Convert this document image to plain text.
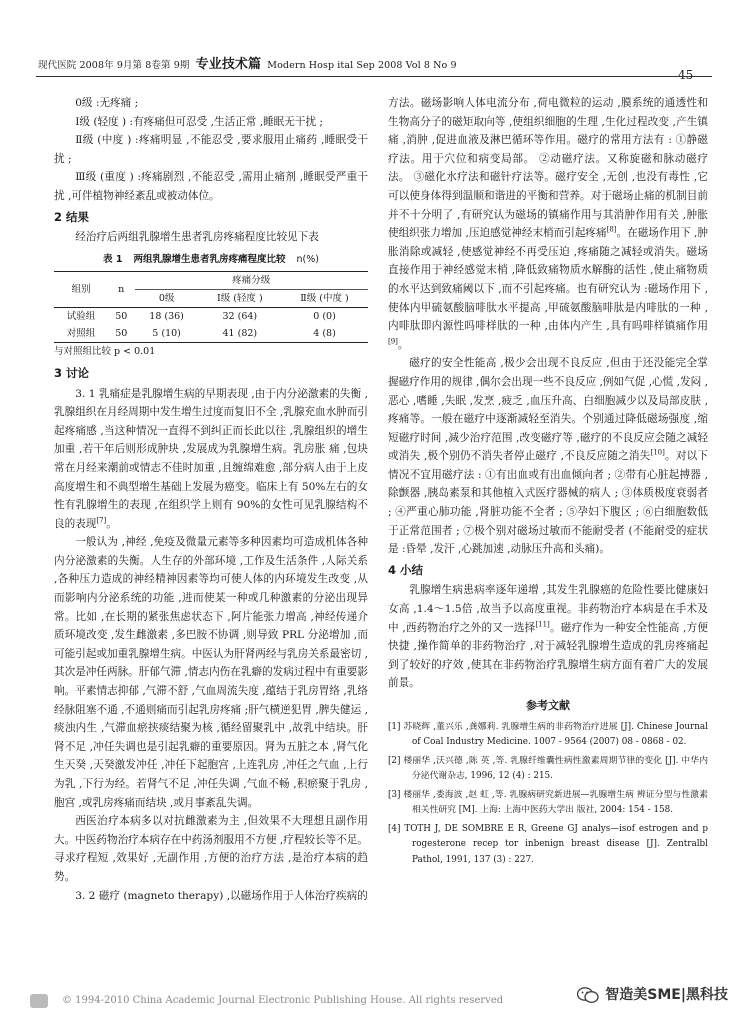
现代医院 2008年 9月第 8卷第 9期 专业技术篇 Modern Hosp ital Sep 2008 Vol 8 No 9
45

0级 :无疼痛 ;

Ⅰ级 (轻度 ) :有疼痛但可忍受 ,生活正常 ,睡眠无干扰 ;

Ⅱ级 (中度 ) :疼痛明显 ,不能忍受 ,要求服用止痛药 ,睡眠受干扰 ;

Ⅲ级 (重度 ) :疼痛剧烈 ,不能忍受 ,需用止痛剂 ,睡眠受严重干扰 ,可伴植物神经紊乱或被动体位。

2 结果

经治疗后两组乳腺增生患者乳房疼痛程度比较见下表

表 1 两组乳腺增生患者乳房疼痛程度比较 n(%)
组别	n	疼痛分级		
		0级	Ⅰ级 (轻度 )	Ⅱ级 (中度 )
试验组	50	18 (36)	32 (64)	0 (0)
对照组	50	5 (10)	41 (82)	4 (8)

与对照组比较 p < 0.01

3 讨论

3. 1 乳痛症是乳腺增生病的早期表现 ,由于内分泌激素的失衡 ,乳腺组织在月经周期中发生增生过度而复旧不全 ,乳腺充血水肿而引起疼痛感 ,当这种情况一直得不到纠正而长此以往 ,乳腺组织的增生加重 ,若干年后则形成肿块 ,发展成为乳腺增生病。乳房胀 痛 ,包块常在月经来潮前或情志不佳时加重 ,且缠绵难愈 ,部分病人由于上皮高度增生和不典型增生基础上发展为癌变。临床上有 50%左右的女性有乳腺增生的表现 ,在组织学上则有 90%的女性可见乳腺结构不良的表现[7]。

一般认为 ,神经 ,免疫及微量元素等多种因素均可造成机体各种内分泌激素的失衡。人生存的外部环境 ,工作及生活条件 ,人际关系 ,各种压力造成的神经精神因素等均可使人体的内环境发生改变 ,从而影响内分泌系统的功能 ,进而使某一种或几种激素的分泌出现异常。比如 ,在长期的紧张焦虑状态下 ,阿片能张力增高 ,神经传递介质环境改变 ,发生雌激素 ,多巴胺不协调 ,则导致 PRL 分泌增加 ,而可能引起或加重乳腺增生病。中医认为肝肾两经与乳房关系最密切 ,其次是冲任两脉。肝郁气滞 ,情志内伤在乳癖的发病过程中有重要影响。平素情志抑郁 ,气滞不舒 ,气血周流失度 ,蕴结于乳房胃络 ,乳络经脉阻塞不通 ,不通则痛而引起乳房疼痛 ;肝气横逆犯胃 ,脾失健运 ,痰浊内生 ,气滞血瘀挟痰结聚为核 ,循经留聚乳中 ,故乳中结块。肝肾不足 ,冲任失调也是引起乳癖的重要原因。肾为五脏之本 ,肾气化生天癸 ,天癸激发冲任 ,冲任下起胞宫 ,上连乳房 ,冲任之气血 ,上行为乳 ,下行为经。若肾气不足 ,冲任失调 ,气血不畅 ,积瘀聚于乳房 ,胞宫 ,或乳房疼痛而结块 ,或月事紊乱失调。

西医治疗本病多以对抗雌激素为主 ,但效果不大理想且副作用大。中医药物治疗本病存在中药汤剂服用不方便 ,疗程较长等不足。寻求疗程短 ,效果好 ,无副作用 ,方便的治疗方法 ,是治疗本病的趋势。

3. 2 磁疗 (magneto therapy) ,以磁场作用于人体治疗疾病的

方法。磁场影响人体电流分布 ,荷电微粒的运动 ,膜系统的通透性和生物高分子的磁矩取向等 ,使组织细胞的生理 ,生化过程改变 ,产生镇痛 ,消肿 ,促进血液及淋巴循环等作用。磁疗的常用方法有 : ①静磁疗法。用于穴位和病变局部。 ②动磁疗法。又称旋磁和脉动磁疗法。 ③磁化水疗法和磁针疗法等。磁疗安全 ,无创 ,也没有毒性 ,它可以使身体得到温顺和谐进的平衡和营养。对于磁场止痛的机制目前并不十分明了 ,有研究认为磁场的镇痛作用与其消肿作用有关 ,肿胀使组织张力增加 ,压迫感觉神经末梢而引起疼痛[8]。在磁场作用下 ,肿胀消除或减轻 ,使感觉神经不再受压迫 ,疼痛随之减轻或消失。磁场直接作用于神经感觉末梢 ,降低致痛物质水解酶的活性 ,使止痛物质的水平达到致痛阈以下 ,而不引起疼痛。也有研究认为 :磁场作用下 ,使体内甲硫氨酸脑啡肽水平提高 ,甲硫氨酸脑啡肽是内啡肽的一种 ,内啡肽即内源性吗啡样肽的一种 ,由体内产生 ,具有吗啡样镇痛作用[9]。

磁疗的安全性能高 ,极少会出现不良反应 ,但由于还没能完全掌握磁疗作用的规律 ,偶尔会出现一些不良反应 ,例如气促 ,心慌 ,发闷 ,恶心 ,嗜睡 ,失眠 ,发烹 ,疲乏 ,血压升高、白细胞减少以及局部皮肤 ,疼痛等。一般在磁疗中逐渐减轻至消失。个别通过降低磁场强度 ,缩短磁疗时间 ,减少治疗范围 ,改变磁疗等 ,磁疗的不良反应会随之减轻或消失 ,极个别仍不消失者停止磁疗 ,不良反应随之消失[10]。对以下情况不宜用磁疗法 : ①有出血或有出血倾向者 ; ②带有心脏起搏器 ,除颤器 ,胰岛素泵和其他植入式医疗器械的病人 ; ③体质极度衰弱者 ; ④严重心肺功能 ,肾脏功能不全者 ; ⑤孕妇下腹区 ; ⑥白细胞数低于正常范围者 ; ⑦极个别对磁场过敏而不能耐受者 (不能耐受的症状是 :昏晕 ,发汗 ,心跳加速 ,动脉压升高和头痛)。

4 小结

乳腺增生病患病率逐年递增 ,其发生乳腺癌的危险性要比健康妇女高 ,1.4～1.5倍 ,故当予以高度重视。非药物治疗本病是在手术及中 ,西药物治疗之外的又一选择[11]。磁疗作为一种安全性能高 ,方便快捷 ,操作简单的非药物治疗 ,对于减轻乳腺增生造成的乳房疼痛起到了较好的疗效 ,使其在非药物治疗乳腺增生病方面有着广大的发展前景。

参考文献

[1] 苏晓辉 ,董兴乐 ,龚娜莉. 乳腺增生病的非药物治疗进展 [J]. Chinese Journal of Coal Industry Medicine. 1007 - 9564 (2007) 08 - 0868 - 02.

[2] 楼丽华 ,沃兴德 ,陈 英 ,等. 乳腺纤维囊性病性激素周期节律的变化 [J]. 中华内分泌代谢杂志, 1996, 12 (4) : 215.

[3] 楼丽华 ,娄海波 ,赵 虹 ,等. 乳腺病研究新进展—乳腺增生病 辨证分型与性激素相关性研究 [M]. 上海: 上海中医药大学出 版社, 2004: 154 - 158.

[4] TOTH J, DE SOMBRE E R, Greene GJ analys—isof estrogen and p rogesterone recep tor inbenign breast disease [J]. Zentralbl Pathol, 1991, 137 (3) : 227.

© 1994-2010 China Academic Journal Electronic Publishing House. All rights reserved	智造美SME|黑科技
